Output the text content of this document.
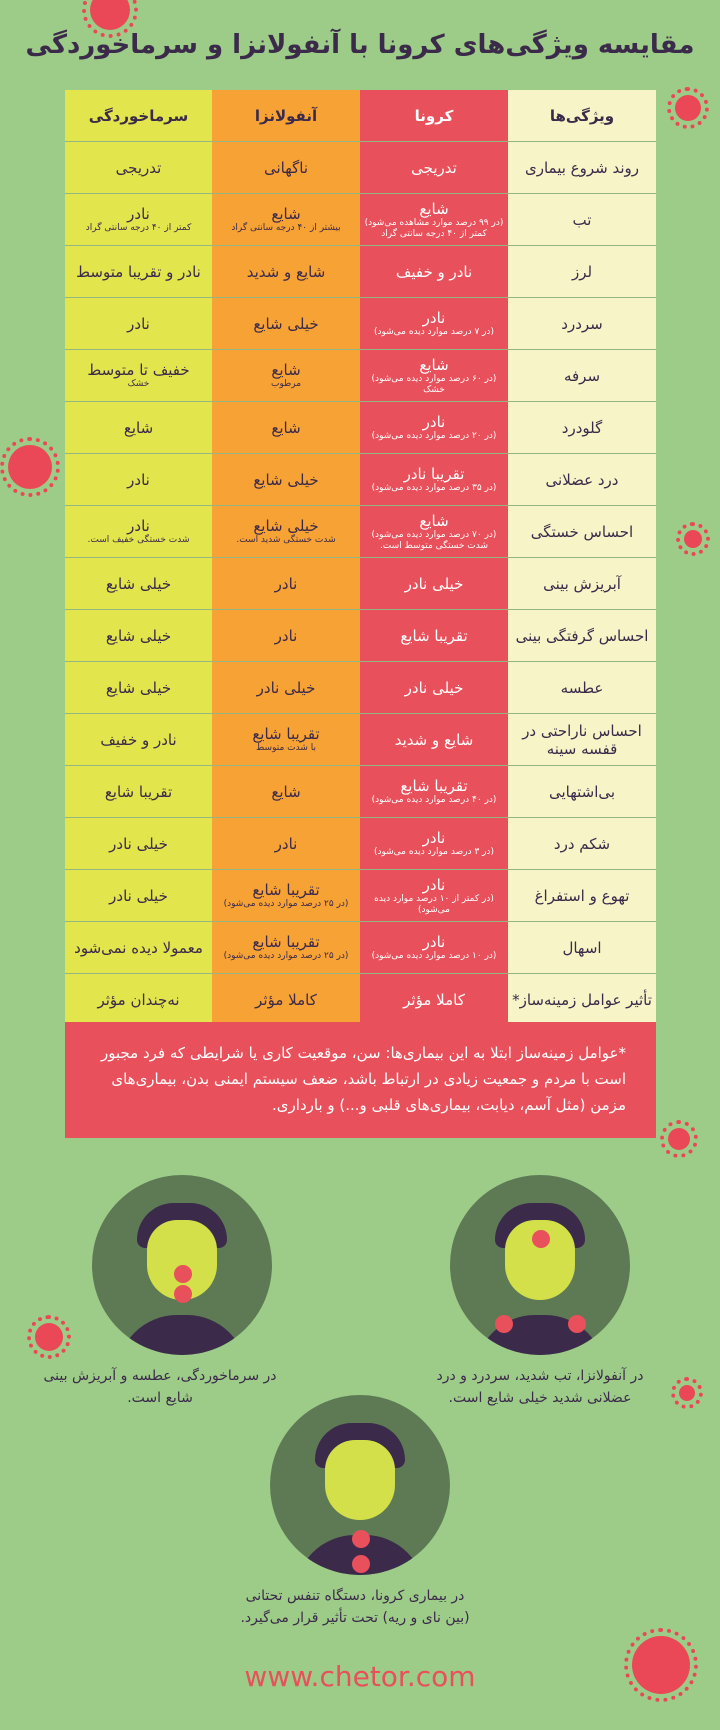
مقایسه ویژگی‌های کرونا با آنفولانزا و سرماخوردگی
ویژگی‌ها
کرونا
آنفولانزا
سرماخوردگی
روند شروع بیماری
تدریجی
ناگهانی
تدریجی
تب
شایع
(در ۹۹ درصد موارد مشاهده می‌شود) کمتر از ۴۰ درجه سانتی گراد
شایع
بیشتر از ۴۰ درجه سانتی گراد
نادر
کمتر از ۴۰ درجه سانتی گراد
لرز
نادر و خفیف
شایع و شدید
نادر و تقریبا متوسط
سردرد
نادر
(در ۷ درصد موارد دیده می‌شود)
خیلی شایع
نادر
سرفه
شایع
(در ۶۰ درصد موارد دیده می‌شود) خشک
شایع
مرطوب
خفیف تا متوسط
خشک
گلودرد
نادر
(در ۲۰ درصد موارد دیده می‌شود)
شایع
شایع
درد عضلانی
تقریبا نادر
(در ۳۵ درصد موارد دیده می‌شود)
خیلی شایع
نادر
احساس خستگی
شایع
(در ۷۰ درصد موارد دیده می‌شود) شدت خستگی متوسط است.
خیلی شایع
شدت خستگی شدید است.
نادر
شدت خستگی خفیف است.
آبریزش بینی
خیلی نادر
نادر
خیلی شایع
احساس گرفتگی بینی
تقریبا شایع
نادر
خیلی شایع
عطسه
خیلی نادر
خیلی نادر
خیلی شایع
احساس ناراحتی در قفسه سینه
شایع و شدید
تقریبا شایع
با شدت متوسط
نادر و خفیف
بی‌اشتهایی
تقریبا شایع
(در ۴۰ درصد موارد دیده می‌شود)
شایع
تقریبا شایع
شکم درد
نادر
(در ۳ درصد موارد دیده می‌شود)
نادر
خیلی نادر
تهوع و استفراغ
نادر
(در کمتر از ۱۰ درصد موارد دیده می‌شود)
تقریبا شایع
(در ۲۵ درصد موارد دیده می‌شود)
خیلی نادر
اسهال
نادر
(در ۱۰ درصد موارد دیده می‌شود)
تقریبا شایع
(در ۲۵ درصد موارد دیده می‌شود)
معمولا دیده نمی‌شود
تأثیر عوامل زمینه‌ساز*
کاملا مؤثر
کاملا مؤثر
نه‌چندان مؤثر
*عوامل زمینه‌ساز ابتلا به این بیماری‌ها: سن، موقعیت کاری یا شرایطی که فرد مجبور است با مردم و جمعیت زیادی در ارتباط باشد، ضعف سیستم ایمنی بدن، بیماری‌های مزمن (مثل آسم، دیابت، بیماری‌های قلبی و...) و بارداری.
در آنفولانزا، تب شدید، سردرد و درد عضلانی شدید خیلی شایع است.
در سرماخوردگی، عطسه و آبریزش بینی شایع است.
در بیماری کرونا، دستگاه تنفس تحتانی (بین نای و ریه) تحت تأثیر قرار می‌گیرد.
www.chetor.com
